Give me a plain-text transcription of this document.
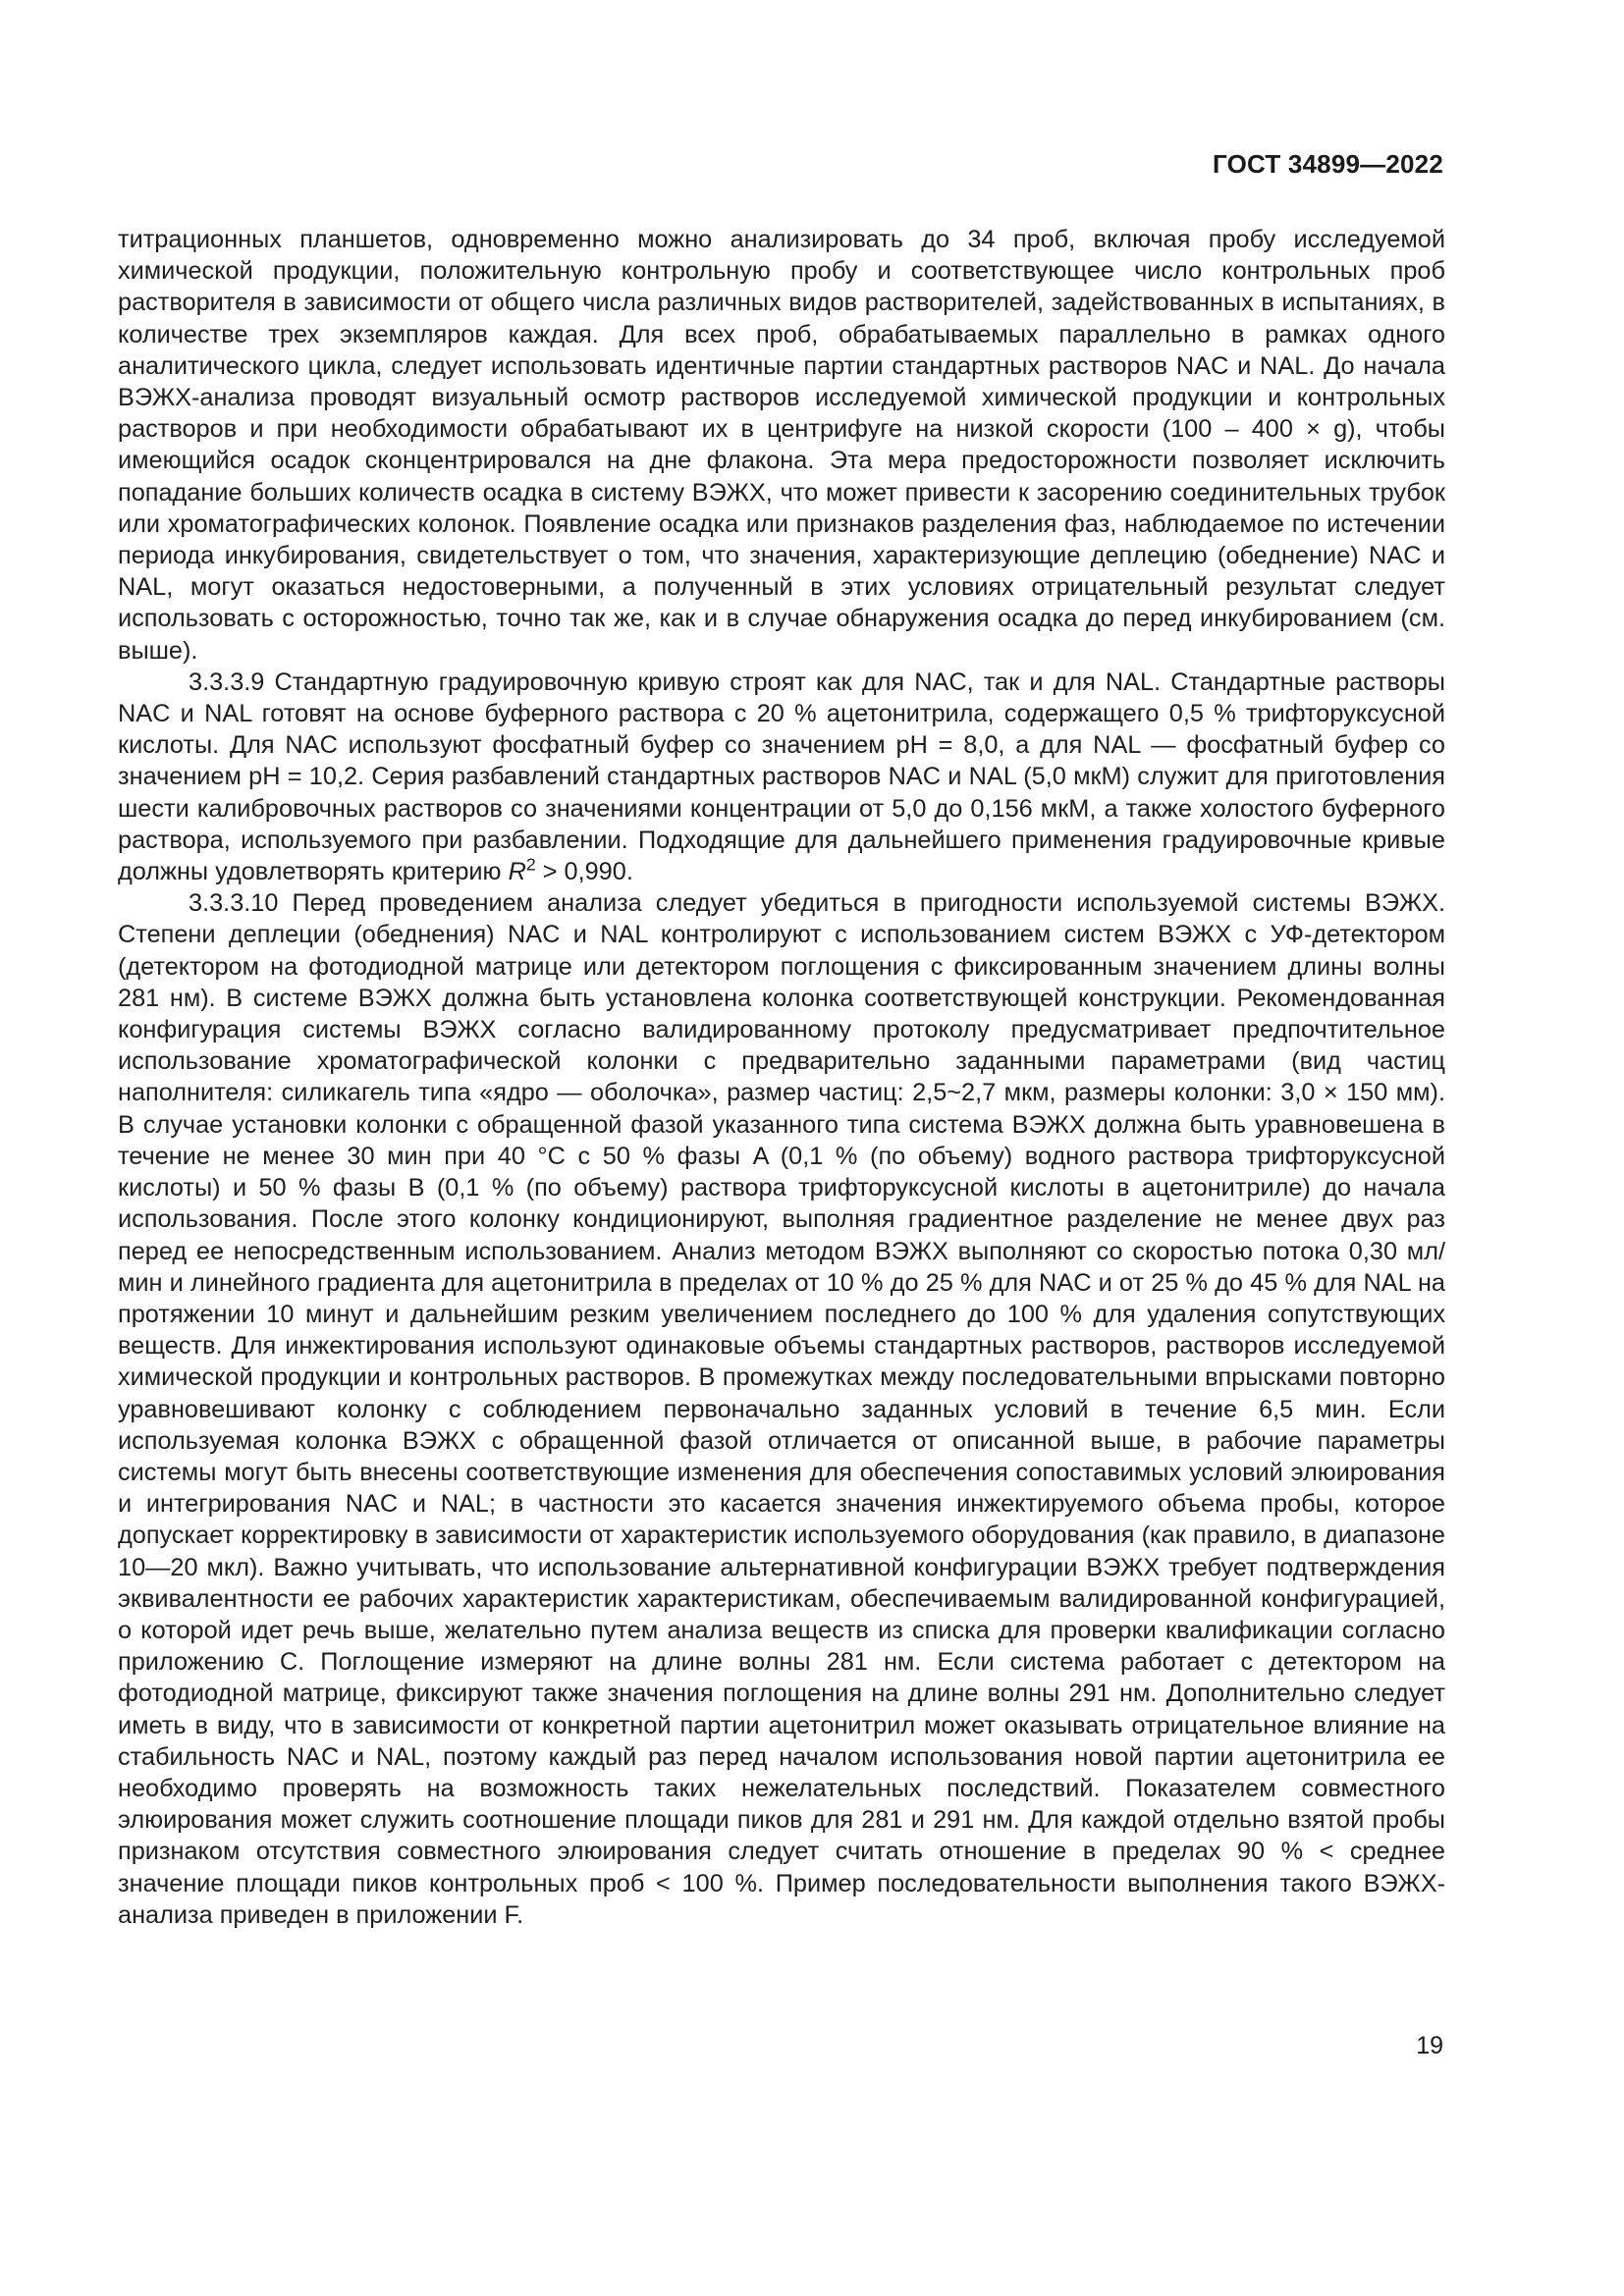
ГОСТ 34899—2022

титрационных планшетов, одновременно можно анализировать до 34 проб, включая пробу исследуемой химической продукции, положительную контрольную пробу и соответствующее число контрольных проб растворителя в зависимости от общего числа различных видов растворителей, задействованных в испытаниях, в количестве трех экземпляров каждая. Для всех проб, обрабатываемых параллельно в рамках одного аналитического цикла, следует использовать идентичные партии стандартных растворов NAC и NAL. До начала ВЭЖХ-анализа проводят визуальный осмотр растворов исследуемой химической продукции и контрольных растворов и при необходимости обрабатывают их в центрифуге на низкой скорости (100 – 400 × g), чтобы имеющийся осадок сконцентрировался на дне флакона. Эта мера предосторожности позволяет исключить попадание больших количеств осадка в систему ВЭЖХ, что может привести к засорению соединительных трубок или хроматографических колонок. Появление осадка или признаков разделения фаз, наблюдаемое по истечении периода инкубирования, свидетельствует о том, что значения, характеризующие деплецию (обеднение) NAC и NAL, могут оказаться недостоверными, а полученный в этих условиях отрицательный результат следует использовать с осторожностью, точно так же, как и в случае обнаружения осадка до перед инкубированием (см. выше).

3.3.3.9 Стандартную градуировочную кривую строят как для NAC, так и для NAL. Стандартные растворы NAC и NAL готовят на основе буферного раствора с 20 % ацетонитрила, содержащего 0,5 % трифторуксусной кислоты. Для NAC используют фосфатный буфер со значением pH = 8,0, а для NAL — фосфатный буфер со значением pH = 10,2. Серия разбавлений стандартных растворов NAC и NAL (5,0 мкМ) служит для приготовления шести калибровочных растворов со значениями концентрации от 5,0 до 0,156 мкМ, а также холостого буферного раствора, используемого при разбавлении. Подходящие для дальнейшего применения градуировочные кривые должны удовлетворять критерию $R^2 > 0,990$.

3.3.3.10 Перед проведением анализа следует убедиться в пригодности используемой системы ВЭЖХ. Степени деплеции (обеднения) NAC и NAL контролируют с использованием систем ВЭЖХ с УФ-детектором (детектором на фотодиодной матрице или детектором поглощения с фиксированным значением длины волны 281 нм). В системе ВЭЖХ должна быть установлена колонка соответствующей конструкции. Рекомендованная конфигурация системы ВЭЖХ согласно валидированному протоколу предусматривает предпочтительное использование хроматографической колонки с предварительно заданными параметрами (вид частиц наполнителя: силикагель типа «ядро — оболочка», размер частиц: 2,5~2,7 мкм, размеры колонки: 3,0 × 150 мм). В случае установки колонки с обращенной фазой указанного типа система ВЭЖХ должна быть уравновешена в течение не менее 30 мин при 40 °C с 50 % фазы A (0,1 % (по объему) водного раствора трифторуксусной кислоты) и 50 % фазы B (0,1 % (по объему) раствора трифторуксусной кислоты в ацетонитриле) до начала использования. После этого колонку кондиционируют, выполняя градиентное разделение не менее двух раз перед ее непосредственным использованием. Анализ методом ВЭЖХ выполняют со скоростью потока 0,30 мл/мин и линейного градиента для ацетонитрила в пределах от 10 % до 25 % для NAC и от 25 % до 45 % для NAL на протяжении 10 минут и дальнейшим резким увеличением последнего до 100 % для удаления сопутствующих веществ. Для инжектирования используют одинаковые объемы стандартных растворов, растворов исследуемой химической продукции и контрольных растворов. В промежутках между последовательными впрысками повторно уравновешивают колонку с соблюдением первоначально заданных условий в течение 6,5 мин. Если используемая колонка ВЭЖХ с обращенной фазой отличается от описанной выше, в рабочие параметры системы могут быть внесены соответствующие изменения для обеспечения сопоставимых условий элюирования и интегрирования NAC и NAL; в частности это касается значения инжектируемого объема пробы, которое допускает корректировку в зависимости от характеристик используемого оборудования (как правило, в диапазоне 10—20 мкл). Важно учитывать, что использование альтернативной конфигурации ВЭЖХ требует подтверждения эквивалентности ее рабочих характеристик характеристикам, обеспечиваемым валидированной конфигурацией, о которой идет речь выше, желательно путем анализа веществ из списка для проверки квалификации согласно приложению C. Поглощение измеряют на длине волны 281 нм. Если система работает с детектором на фотодиодной матрице, фиксируют также значения поглощения на длине волны 291 нм. Дополнительно следует иметь в виду, что в зависимости от конкретной партии ацетонитрил может оказывать отрицательное влияние на стабильность NAC и NAL, поэтому каждый раз перед началом использования новой партии ацетонитрила ее необходимо проверять на возможность таких нежелательных последствий. Показателем совместного элюирования может служить соотношение площади пиков для 281 и 291 нм. Для каждой отдельно взятой пробы признаком отсутствия совместного элюирования следует считать отношение в пределах 90 % < среднее значение площади пиков контрольных проб < 100 %. Пример последовательности выполнения такого ВЭЖХ-анализа приведен в приложении F.

19
